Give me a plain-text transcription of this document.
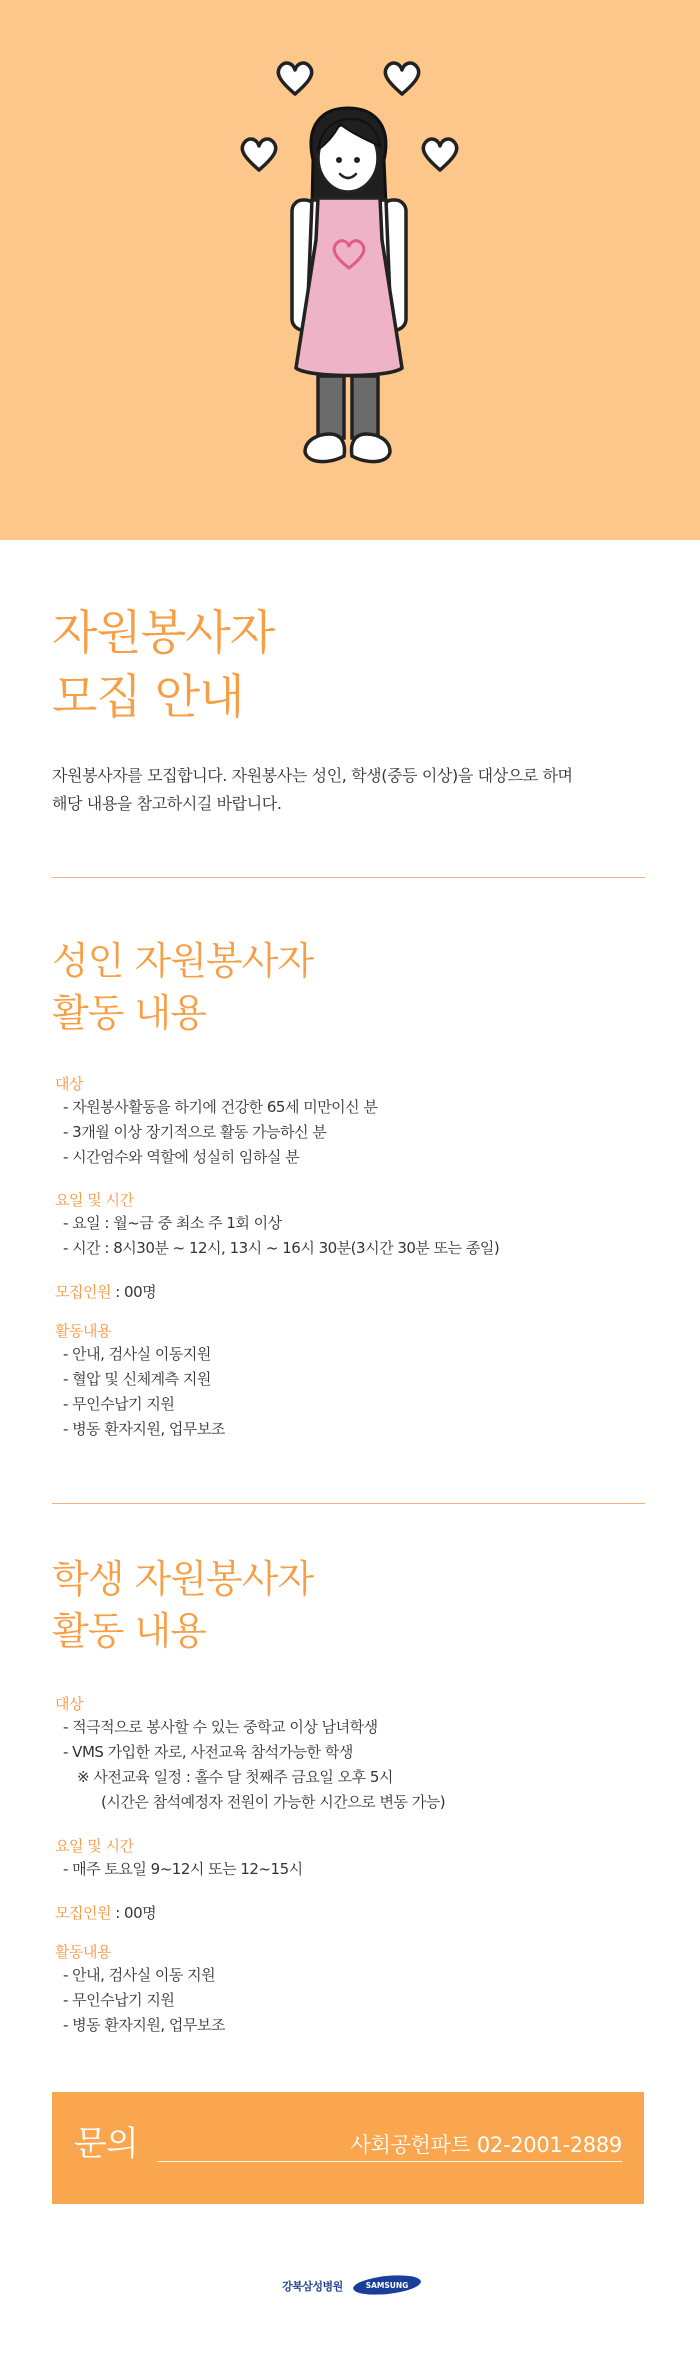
자원봉사자
모집 안내
자원봉사자를 모집합니다. 자원봉사는 성인, 학생(중등 이상)을 대상으로 하며
해당 내용을 참고하시길 바랍니다.
성인 자원봉사자
활동 내용
대상
- 자원봉사활동을 하기에 건강한 65세 미만이신 분
- 3개월 이상 장기적으로 활동 가능하신 분
- 시간엄수와 역할에 성실히 임하실 분
요일 및 시간
- 요일 : 월~금 중 최소 주 1회 이상
- 시간 : 8시30분 ~ 12시, 13시 ~ 16시 30분(3시간 30분 또는 종일)
모집인원 : 00명
활동내용
- 안내, 검사실 이동지원
- 혈압 및 신체계측 지원
- 무인수납기 지원
- 병동 환자지원, 업무보조
학생 자원봉사자
활동 내용
대상
- 적극적으로 봉사할 수 있는 중학교 이상 남녀학생
- VMS 가입한 자로, 사전교육 참석가능한 학생
※ 사전교육 일정 : 홀수 달 첫째주 금요일 오후 5시
(시간은 참석예정자 전원이 가능한 시간으로 변동 가능)
요일 및 시간
- 매주 토요일 9~12시 또는 12~15시
모집인원 : 00명
활동내용
- 안내, 검사실 이동 지원
- 무인수납기 지원
- 병동 환자지원, 업무보조
문의	사회공헌파트 02-2001-2889
강북삼성병원	SAMSUNG
